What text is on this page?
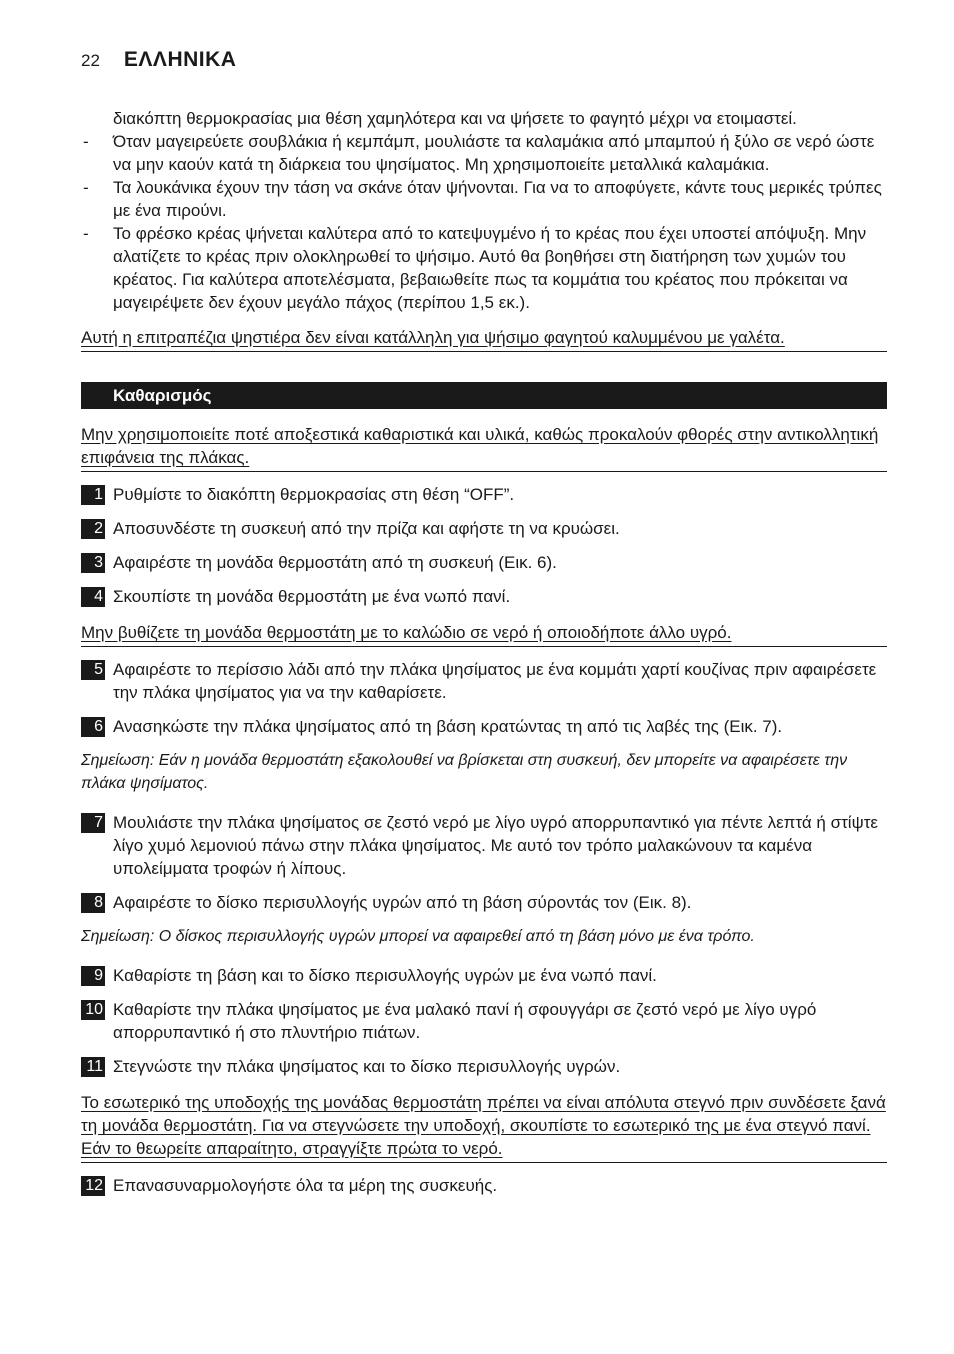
22 ΕΛΛΗΝΙΚΑ

διακόπτη θερμοκρασίας μια θέση χαμηλότερα και να ψήσετε το φαγητό μέχρι να ετοιμαστεί.

- Όταν μαγειρεύετε σουβλάκια ή κεμπάμπ, μουλιάστε τα καλαμάκια από μπαμπού ή ξύλο σε νερό ώστε να μην καούν κατά τη διάρκεια του ψησίματος. Μη χρησιμοποιείτε μεταλλικά καλαμάκια.
- Τα λουκάνικα έχουν την τάση να σκάνε όταν ψήνονται. Για να το αποφύγετε, κάντε τους μερικές τρύπες με ένα πιρούνι.
- Το φρέσκο κρέας ψήνεται καλύτερα από το κατεψυγμένο ή το κρέας που έχει υποστεί απόψυξη. Μην αλατίζετε το κρέας πριν ολοκληρωθεί το ψήσιμο. Αυτό θα βοηθήσει στη διατήρηση των χυμών του κρέατος. Για καλύτερα αποτελέσματα, βεβαιωθείτε πως τα κομμάτια του κρέατος που πρόκειται να μαγειρέψετε δεν έχουν μεγάλο πάχος (περίπου 1,5 εκ.).

Αυτή η επιτραπέζια ψηστιέρα δεν είναι κατάλληλη για ψήσιμο φαγητού καλυμμένου με γαλέτα.

Καθαρισμός

Μην χρησιμοποιείτε ποτέ αποξεστικά καθαριστικά και υλικά, καθώς προκαλούν φθορές στην αντικολλητική επιφάνεια της πλάκας.

1 Ρυθμίστε το διακόπτη θερμοκρασίας στη θέση “OFF”.
2 Αποσυνδέστε τη συσκευή από την πρίζα και αφήστε τη να κρυώσει.
3 Αφαιρέστε τη μονάδα θερμοστάτη από τη συσκευή (Εικ. 6).
4 Σκουπίστε τη μονάδα θερμοστάτη με ένα νωπό πανί.

Μην βυθίζετε τη μονάδα θερμοστάτη με το καλώδιο σε νερό ή οποιοδήποτε άλλο υγρό.

5 Αφαιρέστε το περίσσιο λάδι από την πλάκα ψησίματος με ένα κομμάτι χαρτί κουζίνας πριν αφαιρέσετε την πλάκα ψησίματος για να την καθαρίσετε.
6 Ανασηκώστε την πλάκα ψησίματος από τη βάση κρατώντας τη από τις λαβές της (Εικ. 7).

Σημείωση: Εάν η μονάδα θερμοστάτη εξακολουθεί να βρίσκεται στη συσκευή, δεν μπορείτε να αφαιρέσετε την πλάκα ψησίματος.

7 Μουλιάστε την πλάκα ψησίματος σε ζεστό νερό με λίγο υγρό απορρυπαντικό για πέντε λεπτά ή στίψτε λίγο χυμό λεμονιού πάνω στην πλάκα ψησίματος. Με αυτό τον τρόπο μαλακώνουν τα καμένα υπολείμματα τροφών ή λίπους.
8 Αφαιρέστε το δίσκο περισυλλογής υγρών από τη βάση σύροντάς τον (Εικ. 8).

Σημείωση: Ο δίσκος περισυλλογής υγρών μπορεί να αφαιρεθεί από τη βάση μόνο με ένα τρόπο.

9 Καθαρίστε τη βάση και το δίσκο περισυλλογής υγρών με ένα νωπό πανί.
10 Καθαρίστε την πλάκα ψησίματος με ένα μαλακό πανί ή σφουγγάρι σε ζεστό νερό με λίγο υγρό απορρυπαντικό ή στο πλυντήριο πιάτων.
11 Στεγνώστε την πλάκα ψησίματος και το δίσκο περισυλλογής υγρών.

Το εσωτερικό της υποδοχής της μονάδας θερμοστάτη πρέπει να είναι απόλυτα στεγνό πριν συνδέσετε ξανά τη μονάδα θερμοστάτη. Για να στεγνώσετε την υποδοχή, σκουπίστε το εσωτερικό της με ένα στεγνό πανί. Εάν το θεωρείτε απαραίτητο, στραγγίξτε πρώτα το νερό.

12 Επανασυναρμολογήστε όλα τα μέρη της συσκευής.
